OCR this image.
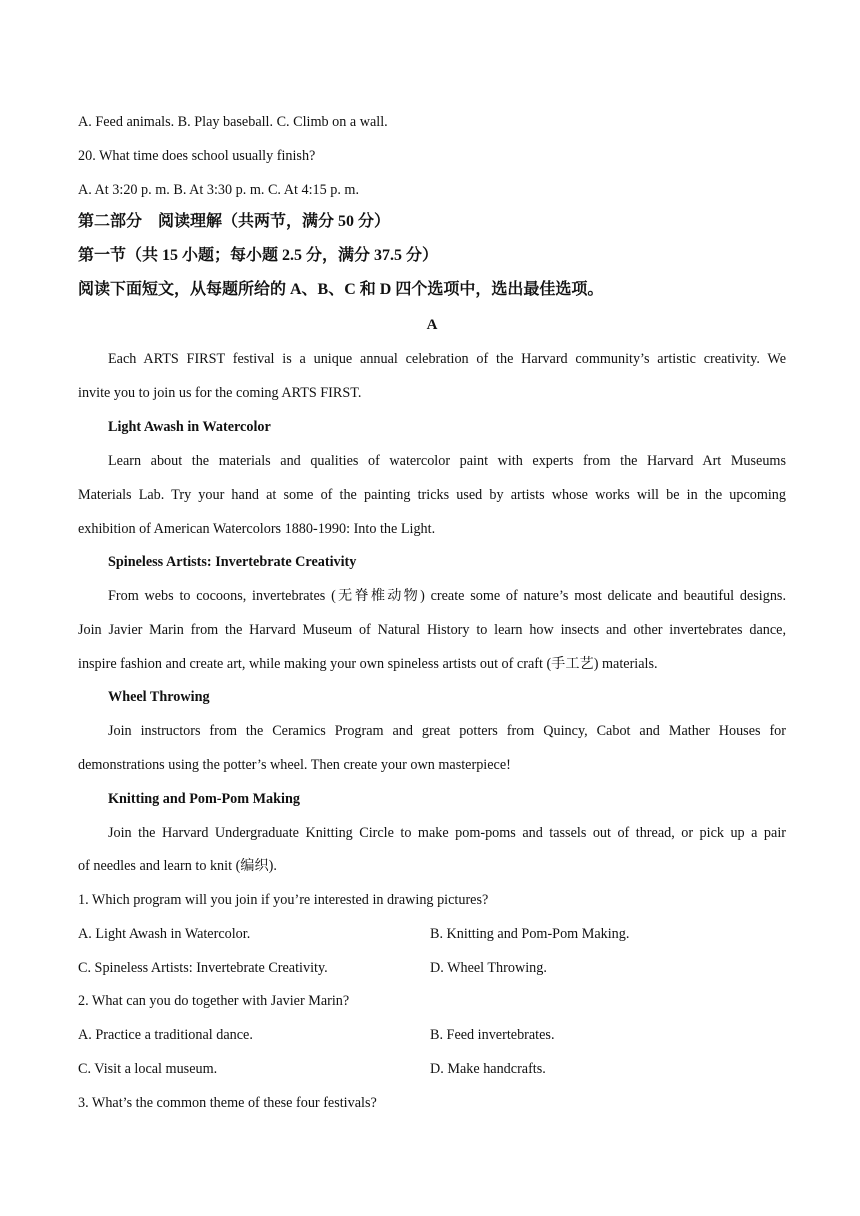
A. Feed animals. B. Play baseball. C. Climb on a wall.
20. What time does school usually finish?
A. At 3:20 p. m. B. At 3:30 p. m. C. At 4:15 p. m.
第二部分　阅读理解（共两节，满分 50 分）
第一节（共 15 小题；每小题 2.5 分，满分 37.5 分）
阅读下面短文，从每题所给的 A、B、C 和 D 四个选项中，选出最佳选项。
A
Each ARTS FIRST festival is a unique annual celebration of the Harvard community’s artistic creativity. We
invite you to join us for the coming ARTS FIRST.
Light Awash in Watercolor
Learn about the materials and qualities of watercolor paint with experts from the Harvard Art Museums
Materials Lab. Try your hand at some of the painting tricks used by artists whose works will be in the upcoming
exhibition of American Watercolors 1880-1990: Into the Light.
Spineless Artists: Invertebrate Creativity
From webs to cocoons, invertebrates (无脊椎动物) create some of nature’s most delicate and beautiful designs.
Join Javier Marin from the Harvard Museum of Natural History to learn how insects and other invertebrates dance,
inspire fashion and create art, while making your own spineless artists out of craft (手工艺) materials.
Wheel Throwing
Join instructors from the Ceramics Program and great potters from Quincy, Cabot and Mather Houses for
demonstrations using the potter’s wheel. Then create your own masterpiece!
Knitting and Pom-Pom Making
Join the Harvard Undergraduate Knitting Circle to make pom-poms and tassels out of thread, or pick up a pair
of needles and learn to knit (编织).
1. Which program will you join if you’re interested in drawing pictures?
A. Light Awash in Watercolor.	B. Knitting and Pom-Pom Making.
C. Spineless Artists: Invertebrate Creativity.	D. Wheel Throwing.
2. What can you do together with Javier Marin?
A. Practice a traditional dance.	B. Feed invertebrates.
C. Visit a local museum.	D. Make handcrafts.
3. What’s the common theme of these four festivals?
